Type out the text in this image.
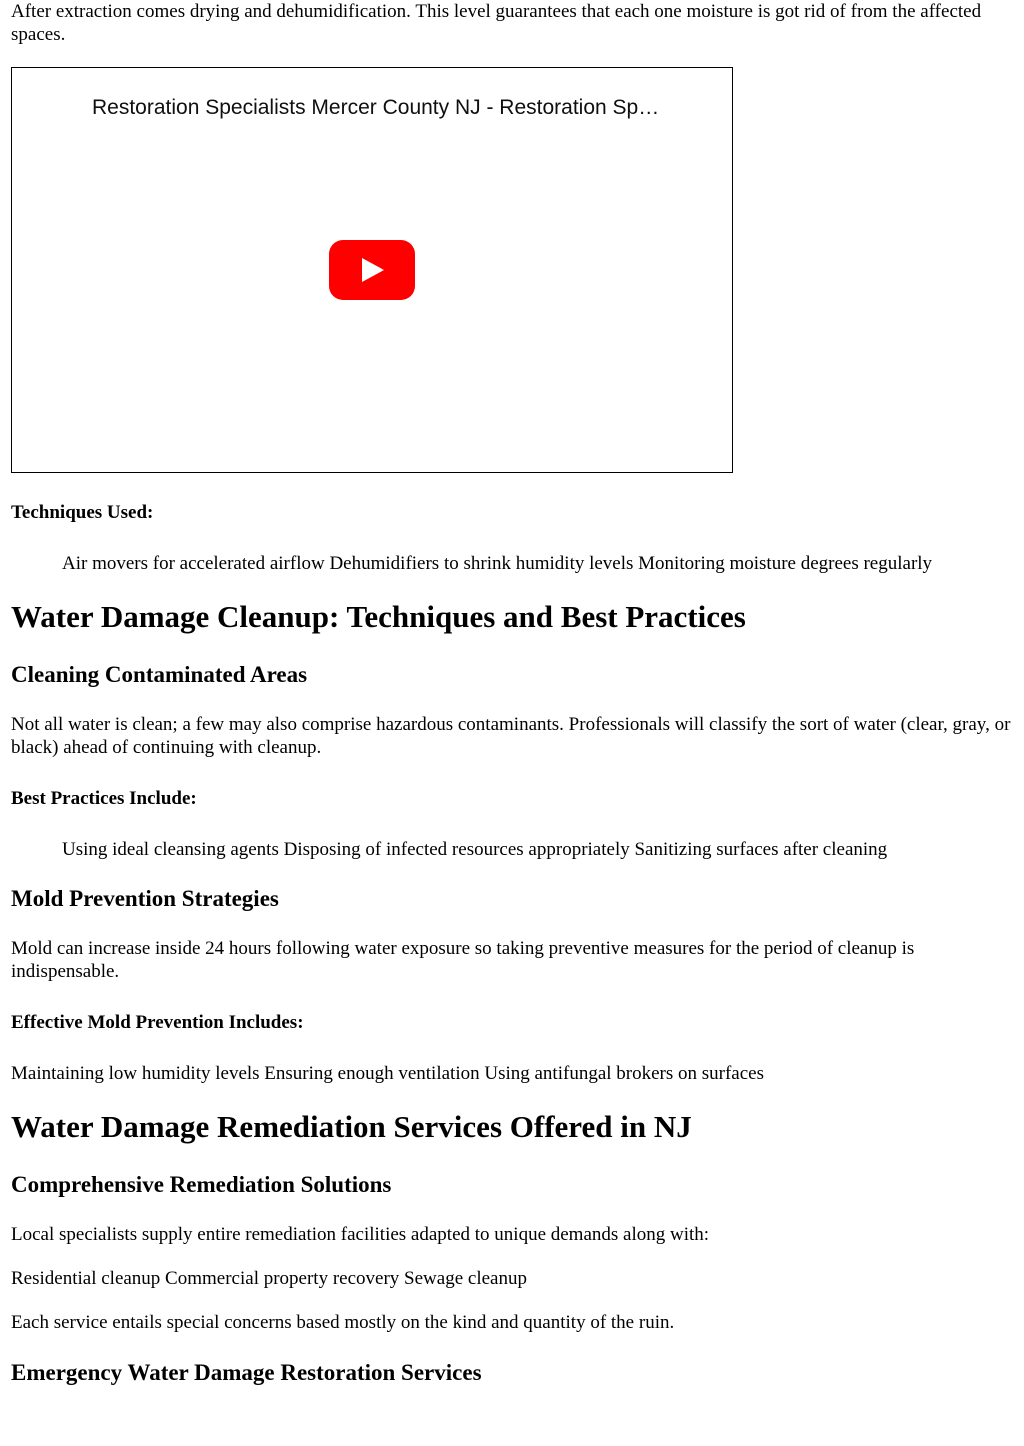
After extraction comes drying and dehumidification. This level guarantees that each one moisture is got rid of from the affected spaces.

Restoration Specialists Mercer County NJ - Restoration Sp…

Techniques Used:

Air movers for accelerated airflow Dehumidifiers to shrink humidity levels Monitoring moisture degrees regularly

Water Damage Cleanup: Techniques and Best Practices
Cleaning Contaminated Areas

Not all water is clean; a few may also comprise hazardous contaminants. Professionals will classify the sort of water (clear, gray, or black) ahead of continuing with cleanup.

Best Practices Include:

Using ideal cleansing agents Disposing of infected resources appropriately Sanitizing surfaces after cleaning

Mold Prevention Strategies

Mold can increase inside 24 hours following water exposure so taking preventive measures for the period of cleanup is indispensable.

Effective Mold Prevention Includes:

Maintaining low humidity levels Ensuring enough ventilation Using antifungal brokers on surfaces

Water Damage Remediation Services Offered in NJ
Comprehensive Remediation Solutions

Local specialists supply entire remediation facilities adapted to unique demands along with:

Residential cleanup Commercial property recovery Sewage cleanup

Each service entails special concerns based mostly on the kind and quantity of the ruin.

Emergency Water Damage Restoration Services
